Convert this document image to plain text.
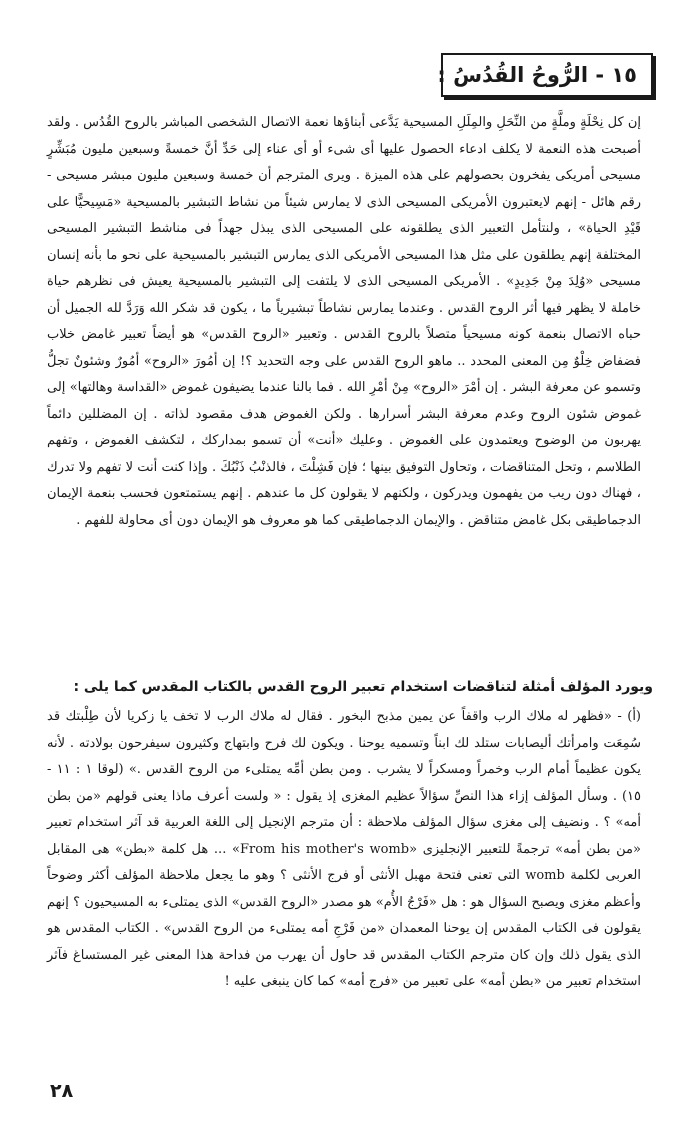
١٥ - الرُّوحُ القُدُسُ :

إن كل نِحْلَةٍ وملَّةٍ من النِّحَلِ والمِلَلِ المسيحية يَدَّعى أبناؤها نعمة الاتصال الشخصى المباشر بالروح القُدُس . ولقد أصبحت هذه النعمة لا يكلف ادعاء الحصول عليها أى شىء أو أى عناء إلى حَدِّ أنَّ خمسةً وسبعين مليون مُبَشِّرٍ مسيحى أمريكى يفخرون بحصولهم على هذه الميزة . ويرى المترجم أن خمسة وسبعين مليون مبشر مسيحى - رقم هائل - إنهم لايعتبرون الأمريكى المسيحى الذى لا يمارس شيئاً من نشاط التبشير بالمسيحية «مَسِيحيًّا على قَيْدِ الحياة» ، ولنتأمل التعبير الذى يطلقونه على المسيحى الذى يبذل جهداً فى مناشط التبشير المسيحى المختلفة إنهم يطلقون على مثل هذا المسيحى الأمريكى الذى يمارس التبشير بالمسيحية على نحو ما بأنه إنسان مسيحى «وُلِدَ مِنْ جَدِيدٍ» . الأمريكى المسيحى الذى لا يلتفت إلى التبشير بالمسيحية يعيش فى نظرهم حياة خاملة لا يظهر فيها أثر الروح القدس . وعندما يمارس نشاطاً تبشيرياً ما ، يكون قد شكر الله وَرَدَّ لله الجميل أن حباه الاتصال بنعمة كونه مسيحياً متصلاً بالروح القدس . وتعبير «الروح القدس» هو أيضاً تعبير غامض خلاب فضفاض خِلْوٌ مِن المعنى المحدد .. ماهو الروح القدس على وجه التحديد ؟! إن أمُورَ «الروح» أمُورٌ وشئونٌ تجلُّ وتسمو عن معرفة البشر . إن أمْرَ «الروح» مِنْ أمْرِ الله . فما بالنا عندما يضيفون غموض «القداسة وهالتها» إلى غموض شئون الروح وعدم معرفة البشر أسرارها . ولكن الغموض هدف مقصود لذاته . إن المضللين دائماً يهربون من الوضوح ويعتمدون على الغموض . وعليك «أنت» أن تسمو بمداركك ، لتكشف الغموض ، وتفهم الطلاسم ، وتحل المتناقضات ، وتحاول التوفيق بينها ؛ فإن فَشِلْتَ ، فالذنْبُ ذَنْبُكَ . وإذا كنت أنت لا تفهم ولا تدرك ، فهناك دون ريب من يفهمون ويدركون ، ولكنهم لا يقولون كل ما عندهم . إنهم يستمتعون فحسب بنعمة الإيمان الدجماطيقى بكل غامض متناقض . والإيمان الدجماطيقى كما هو معروف هو الإيمان دون أى محاولة للفهم .

ويورد المؤلف أمثلة لتناقضات استخدام تعبير الروح القدس بالكتاب المقدس كما يلى :

(أ) - «فظهر له ملاك الرب واقفاً عن يمين مذبح البخور . فقال له ملاك الرب لا تخف يا زكريا لأن طِلْبتك قد سُمِعَت وامرأتك أليصابات ستلد لك ابناً وتسميه يوحنا . ويكون لك فرح وابتهاج وكثيرون سيفرحون بولادته . لأنه يكون عظيماً أمام الرب وخمراً ومسكراً لا يشرب . ومن بطن أمِّه يمتلىء من الروح القدس .» (لوقا ١ : ١١ - ١٥) . وسأل المؤلف إزاء هذا النصِّ سؤالاً عظيم المغزى إذ يقول : « ولست أعرف ماذا يعنى قولهم «من بطن أمه» ؟ . ونضيف إلى مغزى سؤال المؤلف ملاحظة : أن مترجم الإنجيل إلى اللغة العربية قد آثر استخدام تعبير «من بطن أمه» ترجمةً للتعبير الإنجليزى «From his mother's womb» ... هل كلمة «بطن» هى المقابل العربى لكلمة womb التى تعنى فتحة مهبل الأنثى أو فرج الأنثى ؟ وهو ما يجعل ملاحظة المؤلف أكثر وضوحاً وأعظم مغزى ويصبح السؤال هو : هل «فَرْجُ الأُم» هو مصدر «الروح القدس» الذى يمتلىء به المسيحيون ؟ إنهم يقولون فى الكتاب المقدس إن يوحنا المعمدان «من فَرْجِ أمه يمتلىء من الروح القدس» . الكتاب المقدس هو الذى يقول ذلك وإن كان مترجم الكتاب المقدس قد حاول أن يهرب من فداحة هذا المعنى غير المستساغ فآثر استخدام تعبير من «بطن أمه» على تعبير من «فرج أمه» كما كان ينبغى عليه !

٢٨
